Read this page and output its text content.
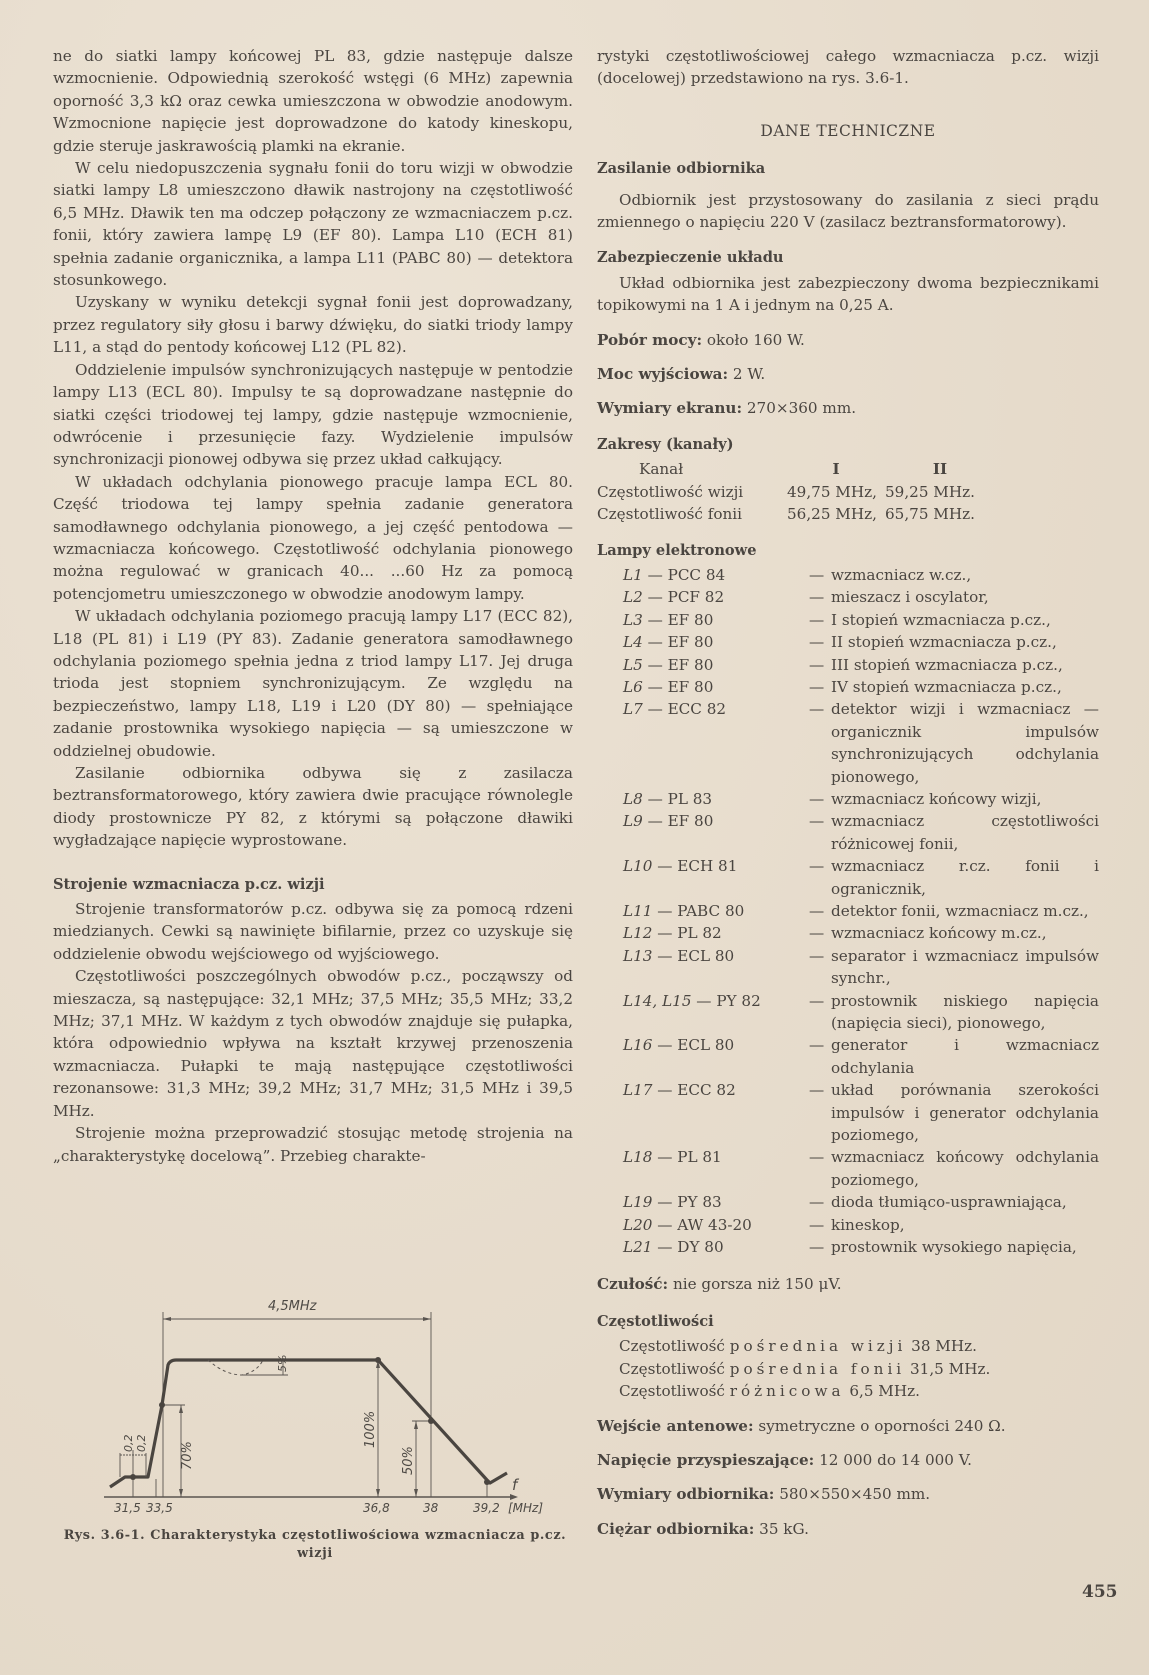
ne do siatki lampy końcowej PL 83, gdzie następuje dalsze wzmocnienie. Odpowiednią szerokość wstęgi (6 MHz) zapewnia oporność 3,3 kΩ oraz cewka umieszczona w obwodzie anodowym. Wzmocnione napięcie jest doprowadzone do katody kineskopu, gdzie steruje jaskrawością plamki na ekranie.

W celu niedopuszczenia sygnału fonii do toru wizji w obwodzie siatki lampy L8 umieszczono dławik nastrojony na częstotliwość 6,5 MHz. Dławik ten ma odczep połączony ze wzmacniaczem p.cz. fonii, który zawiera lampę L9 (EF 80). Lampa L10 (ECH 81) spełnia zadanie organicznika, a lampa L11 (PABC 80) — detektora stosunkowego.

Uzyskany w wyniku detekcji sygnał fonii jest doprowadzany, przez regulatory siły głosu i barwy dźwięku, do siatki triody lampy L11, a stąd do pentody końcowej L12 (PL 82).

Oddzielenie impulsów synchronizujących następuje w pentodzie lampy L13 (ECL 80). Impulsy te są doprowadzane następnie do siatki części triodowej tej lampy, gdzie następuje wzmocnienie, odwrócenie i przesunięcie fazy. Wydzielenie impulsów synchronizacji pionowej odbywa się przez układ całkujący.

W układach odchylania pionowego pracuje lampa ECL 80. Część triodowa tej lampy spełnia zadanie generatora samodławnego odchylania pionowego, a jej część pentodowa — wzmacniacza końcowego. Częstotliwość odchylania pionowego można regulować w granicach 40... ...60 Hz za pomocą potencjometru umieszczonego w obwodzie anodowym lampy.

W układach odchylania poziomego pracują lampy L17 (ECC 82), L18 (PL 81) i L19 (PY 83). Zadanie generatora samodławnego odchylania poziomego spełnia jedna z triod lampy L17. Jej druga trioda jest stopniem synchronizującym. Ze względu na bezpieczeństwo, lampy L18, L19 i L20 (DY 80) — spełniające zadanie prostownika wysokiego napięcia — są umieszczone w oddzielnej obudowie.

Zasilanie odbiornika odbywa się z zasilacza beztransformatorowego, który zawiera dwie pracujące równolegle diody prostownicze PY 82, z którymi są połączone dławiki wygładzające napięcie wyprostowane.

Strojenie wzmacniacza p.cz. wizji

Strojenie transformatorów p.cz. odbywa się za pomocą rdzeni miedzianych. Cewki są nawinięte bifilarnie, przez co uzyskuje się oddzielenie obwodu wejściowego od wyjściowego.

Częstotliwości poszczególnych obwodów p.cz., począwszy od mieszacza, są następujące: 32,1 MHz; 37,5 MHz; 35,5 MHz; 33,2 MHz; 37,1 MHz. W każdym z tych obwodów znajduje się pułapka, która odpowiednio wpływa na kształt krzywej przenoszenia wzmacniacza. Pułapki te mają następujące częstotliwości rezonansowe: 31,3 MHz; 39,2 MHz; 31,7 MHz; 31,5 MHz i 39,5 MHz.

Strojenie można przeprowadzić stosując metodę strojenia na „charakterystykę docelową”. Przebieg charakte-

4,5MHz
5%
70%
100%
50%
0,2 0,2
f
[MHz]
31,5 33,5	36,8	38	39,2
Rys. 3.6-1. Charakterystyka częstotliwościowa wzmacniacza p.cz.
wizji

rystyki częstotliwościowej całego wzmacniacza p.cz. wizji (docelowej) przedstawiono na rys. 3.6-1.

DANE TECHNICZNE
Zasilanie odbiornika

Odbiornik jest przystosowany do zasilania z sieci prądu zmiennego o napięciu 220 V (zasilacz beztransformatorowy).

Zabezpieczenie układu

Układ odbiornika jest zabezpieczony dwoma bezpiecznikami topikowymi na 1 A i jednym na 0,25 A.

Pobór mocy: około 160 W.
Moc wyjściowa: 2 W.
Wymiary ekranu: 270×360 mm.
Zakresy (kanały)
Kanał	I	II
Częstotliwość wizji	49,75 MHz, 59,25 MHz.
Częstotliwość fonii	56,25 MHz, 65,75 MHz.
Lampy elektronowe
L1 — PCC 84	— wzmacniacz w.cz.,
L2 — PCF 82	— mieszacz i oscylator,
L3 — EF 80	— I stopień wzmacniacza p.cz.,
L4 — EF 80	— II stopień wzmacniacza p.cz.,
L5 — EF 80	— III stopień wzmacniacza p.cz.,
L6 — EF 80	— IV stopień wzmacniacza p.cz.,
L7 — ECC 82	— detektor wizji i wzmacniacz — organicznik impulsów synchronizujących odchylania pionowego,
L8 — PL 83	— wzmacniacz końcowy wizji,
L9 — EF 80	— wzmacniacz częstotliwości różnicowej fonii,
L10 — ECH 81	— wzmacniacz r.cz. fonii i ogranicznik,
L11 — PABC 80	— detektor fonii, wzmacniacz m.cz.,
L12 — PL 82	— wzmacniacz końcowy m.cz.,
L13 — ECL 80	— separator i wzmacniacz impulsów synchr.,
L14, L15 — PY 82	— prostownik niskiego napięcia (napięcia sieci), pionowego,
L16 — ECL 80	— generator i wzmacniacz odchylania
L17 — ECC 82	— układ porównania szerokości impulsów i generator odchylania poziomego,
L18 — PL 81	— wzmacniacz końcowy odchylania poziomego,
L19 — PY 83	— dioda tłumiąco-usprawniająca,
L20 — AW 43-20	— kineskop,
L21 — DY 80	— prostownik wysokiego napięcia,
Czułość: nie gorsza niż 150 μV.
Częstotliwości
Częstotliwość pośrednia wizji 38 MHz.
Częstotliwość pośrednia fonii 31,5 MHz.
Częstotliwość różnicowa 6,5 MHz.
Wejście antenowe: symetryczne o oporności 240 Ω.
Napięcie przyspieszające: 12 000 do 14 000 V.
Wymiary odbiornika: 580×550×450 mm.
Ciężar odbiornika: 35 kG.
455
